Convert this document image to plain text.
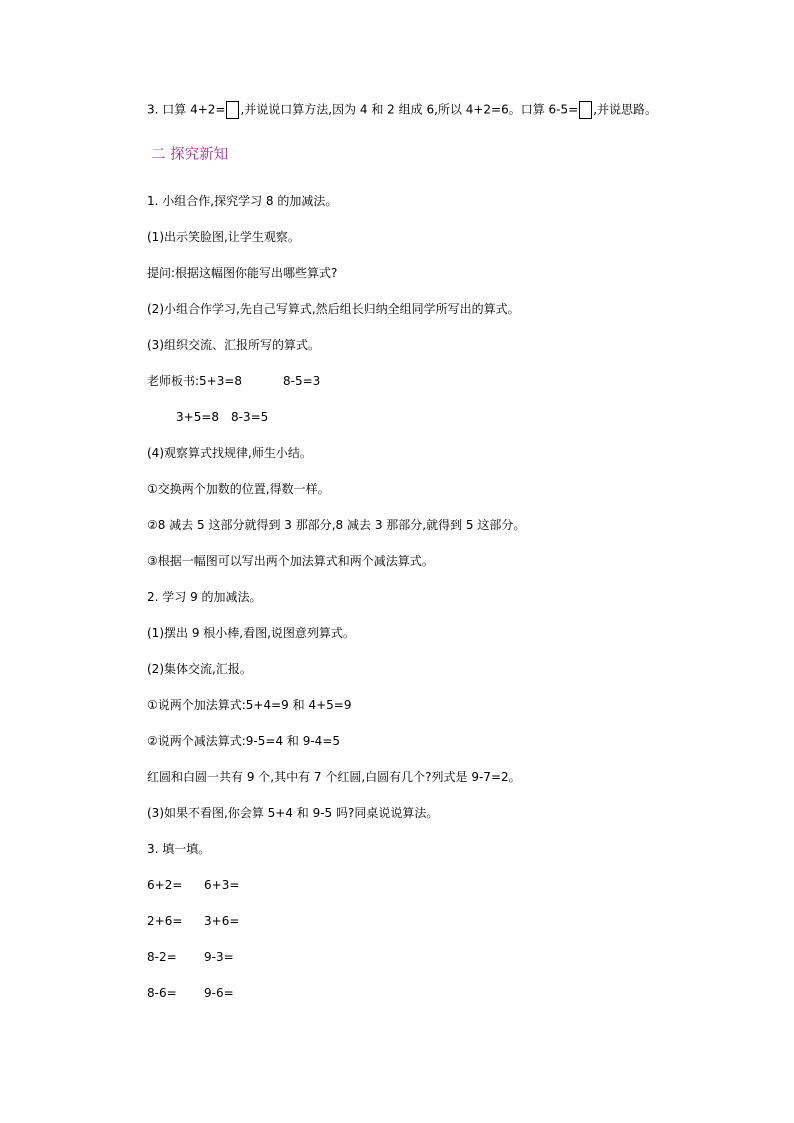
3. 口算 4+2= ,并说说口算方法,因为 4 和 2 组成 6,所以 4+2=6。口算 6-5= ,并说思路。
二 探究新知
1. 小组合作,探究学习 8 的加减法。
(1)出示笑脸图,让学生观察。
提问:根据这幅图你能写出哪些算式?
(2)小组合作学习,先自己写算式,然后组长归纳全组同学所写出的算式。
(3)组织交流、汇报所写的算式。
老师板书:5+3=8	8-5=3
3+5=8 8-3=5
(4)观察算式找规律,师生小结。
①交换两个加数的位置,得数一样。
②8 减去 5 这部分就得到 3 那部分,8 减去 3 那部分,就得到 5 这部分。
③根据一幅图可以写出两个加法算式和两个减法算式。
2. 学习 9 的加减法。
(1)摆出 9 根小棒,看图,说图意列算式。
(2)集体交流,汇报。
①说两个加法算式:5+4=9 和 4+5=9
②说两个减法算式:9-5=4 和 9-4=5
红圆和白圆一共有 9 个,其中有 7 个红圆,白圆有几个?列式是 9-7=2。
(3)如果不看图,你会算 5+4 和 9-5 吗?同桌说说算法。
3. 填一填。
6+2= 6+3=
2+6= 3+6=
8-2= 9-3=
8-6= 9-6=
